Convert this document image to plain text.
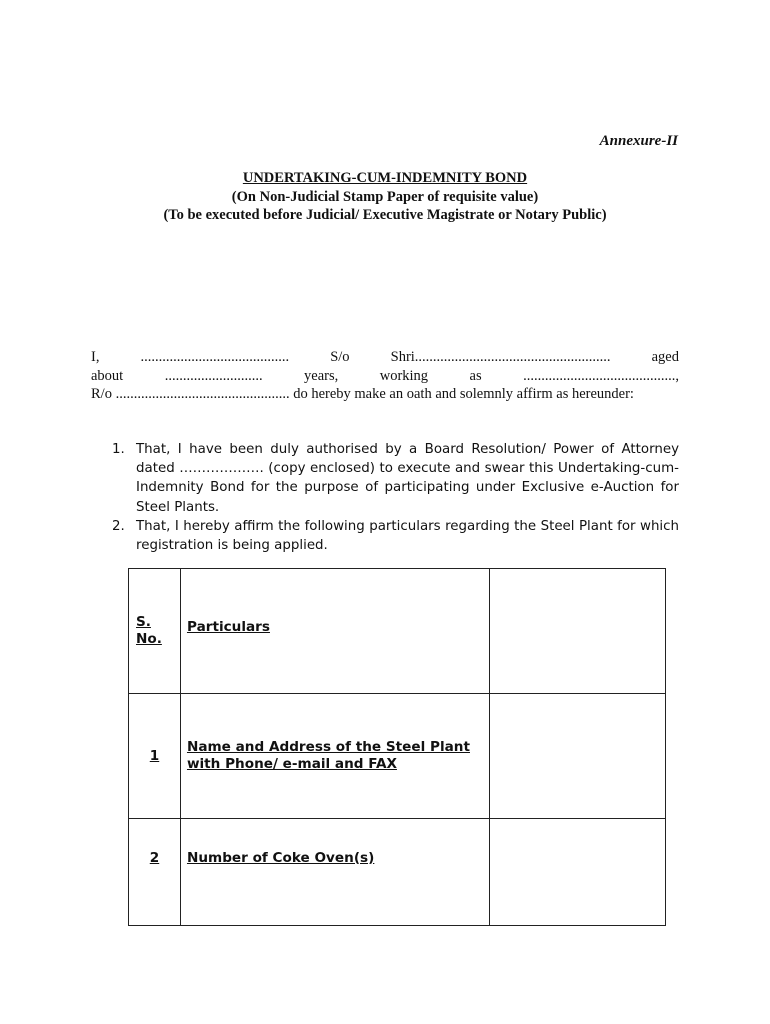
Annexure-II
UNDERTAKING-CUM-INDEMNITY BOND
(On Non-Judicial Stamp Paper of requisite value)
(To be executed before Judicial/ Executive Magistrate or Notary Public)
I,	.........................................	S/o	Shri......................................................	aged
about	...........................	years,	working	as	..........................................,
R/o ................................................ do hereby make an oath and solemnly affirm as hereunder:
1. That, I have been duly authorised by a Board Resolution/ Power of Attorney dated ………………. (copy enclosed) to execute and swear this Undertaking-cum-Indemnity Bond for the purpose of participating under Exclusive e-Auction for Steel Plants.
2. That, I hereby affirm the following particulars regarding the Steel Plant for which registration is being applied.
S. No.	Particulars	
1	Name and Address of the Steel Plant with Phone/ e-mail and FAX	
2	Number of Coke Oven(s)	
